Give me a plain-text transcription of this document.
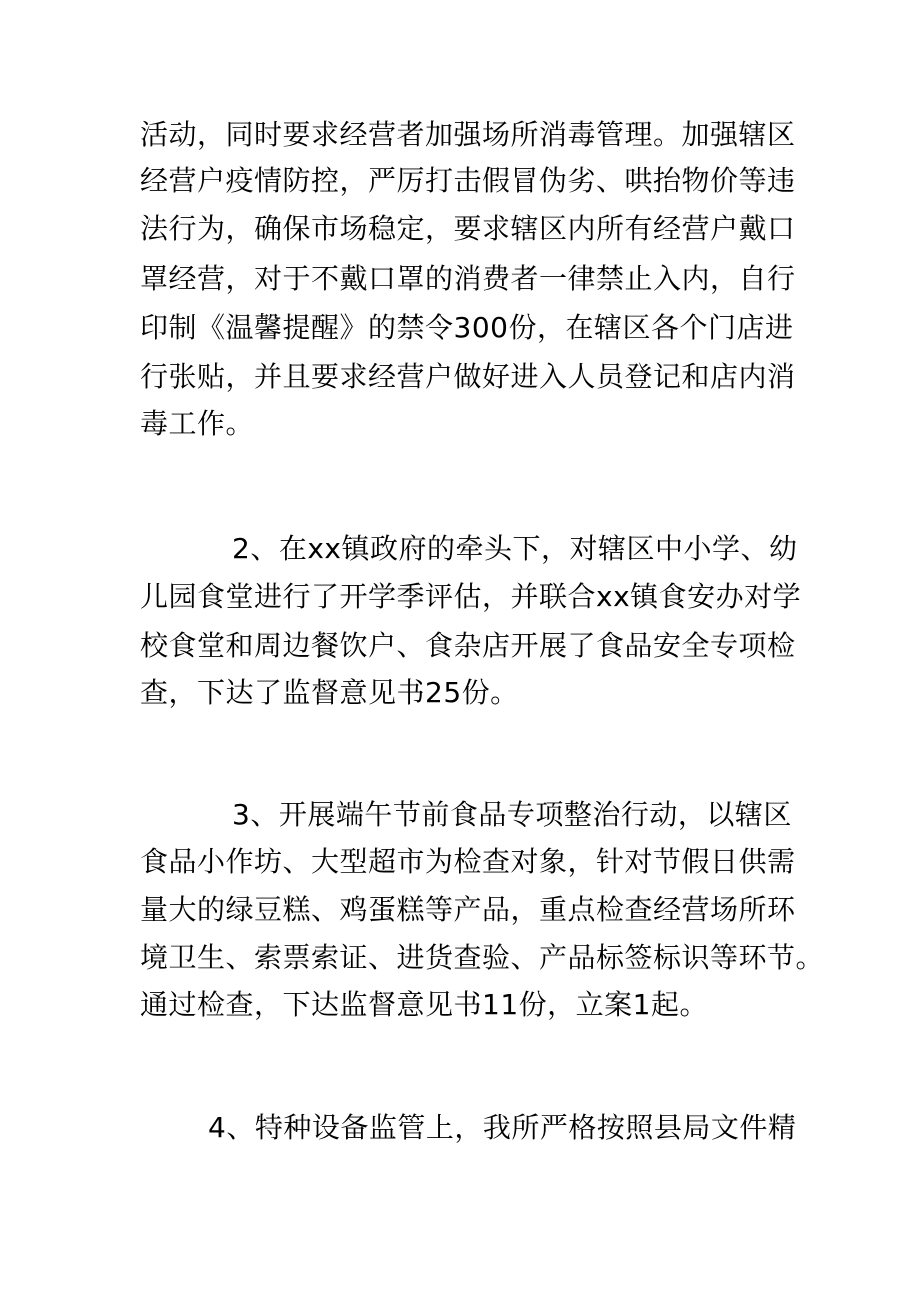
活动，同时要求经营者加强场所消毒管理。加强辖区
经营户疫情防控，严厉打击假冒伪劣、哄抬物价等违
法行为，确保市场稳定，要求辖区内所有经营户戴口
罩经营，对于不戴口罩的消费者一律禁止入内，自行
印制《温馨提醒》的禁令300份，在辖区各个门店进
行张贴，并且要求经营户做好进入人员登记和店内消
毒工作。
2、在xx镇政府的牵头下，对辖区中小学、幼
儿园食堂进行了开学季评估，并联合xx镇食安办对学
校食堂和周边餐饮户、食杂店开展了食品安全专项检
查，下达了监督意见书25份。
3、开展端午节前食品专项整治行动，以辖区
食品小作坊、大型超市为检查对象，针对节假日供需
量大的绿豆糕、鸡蛋糕等产品，重点检查经营场所环
境卫生、索票索证、进货查验、产品标签标识等环节。
通过检查，下达监督意见书11份，立案1起。
4、特种设备监管上，我所严格按照县局文件精
